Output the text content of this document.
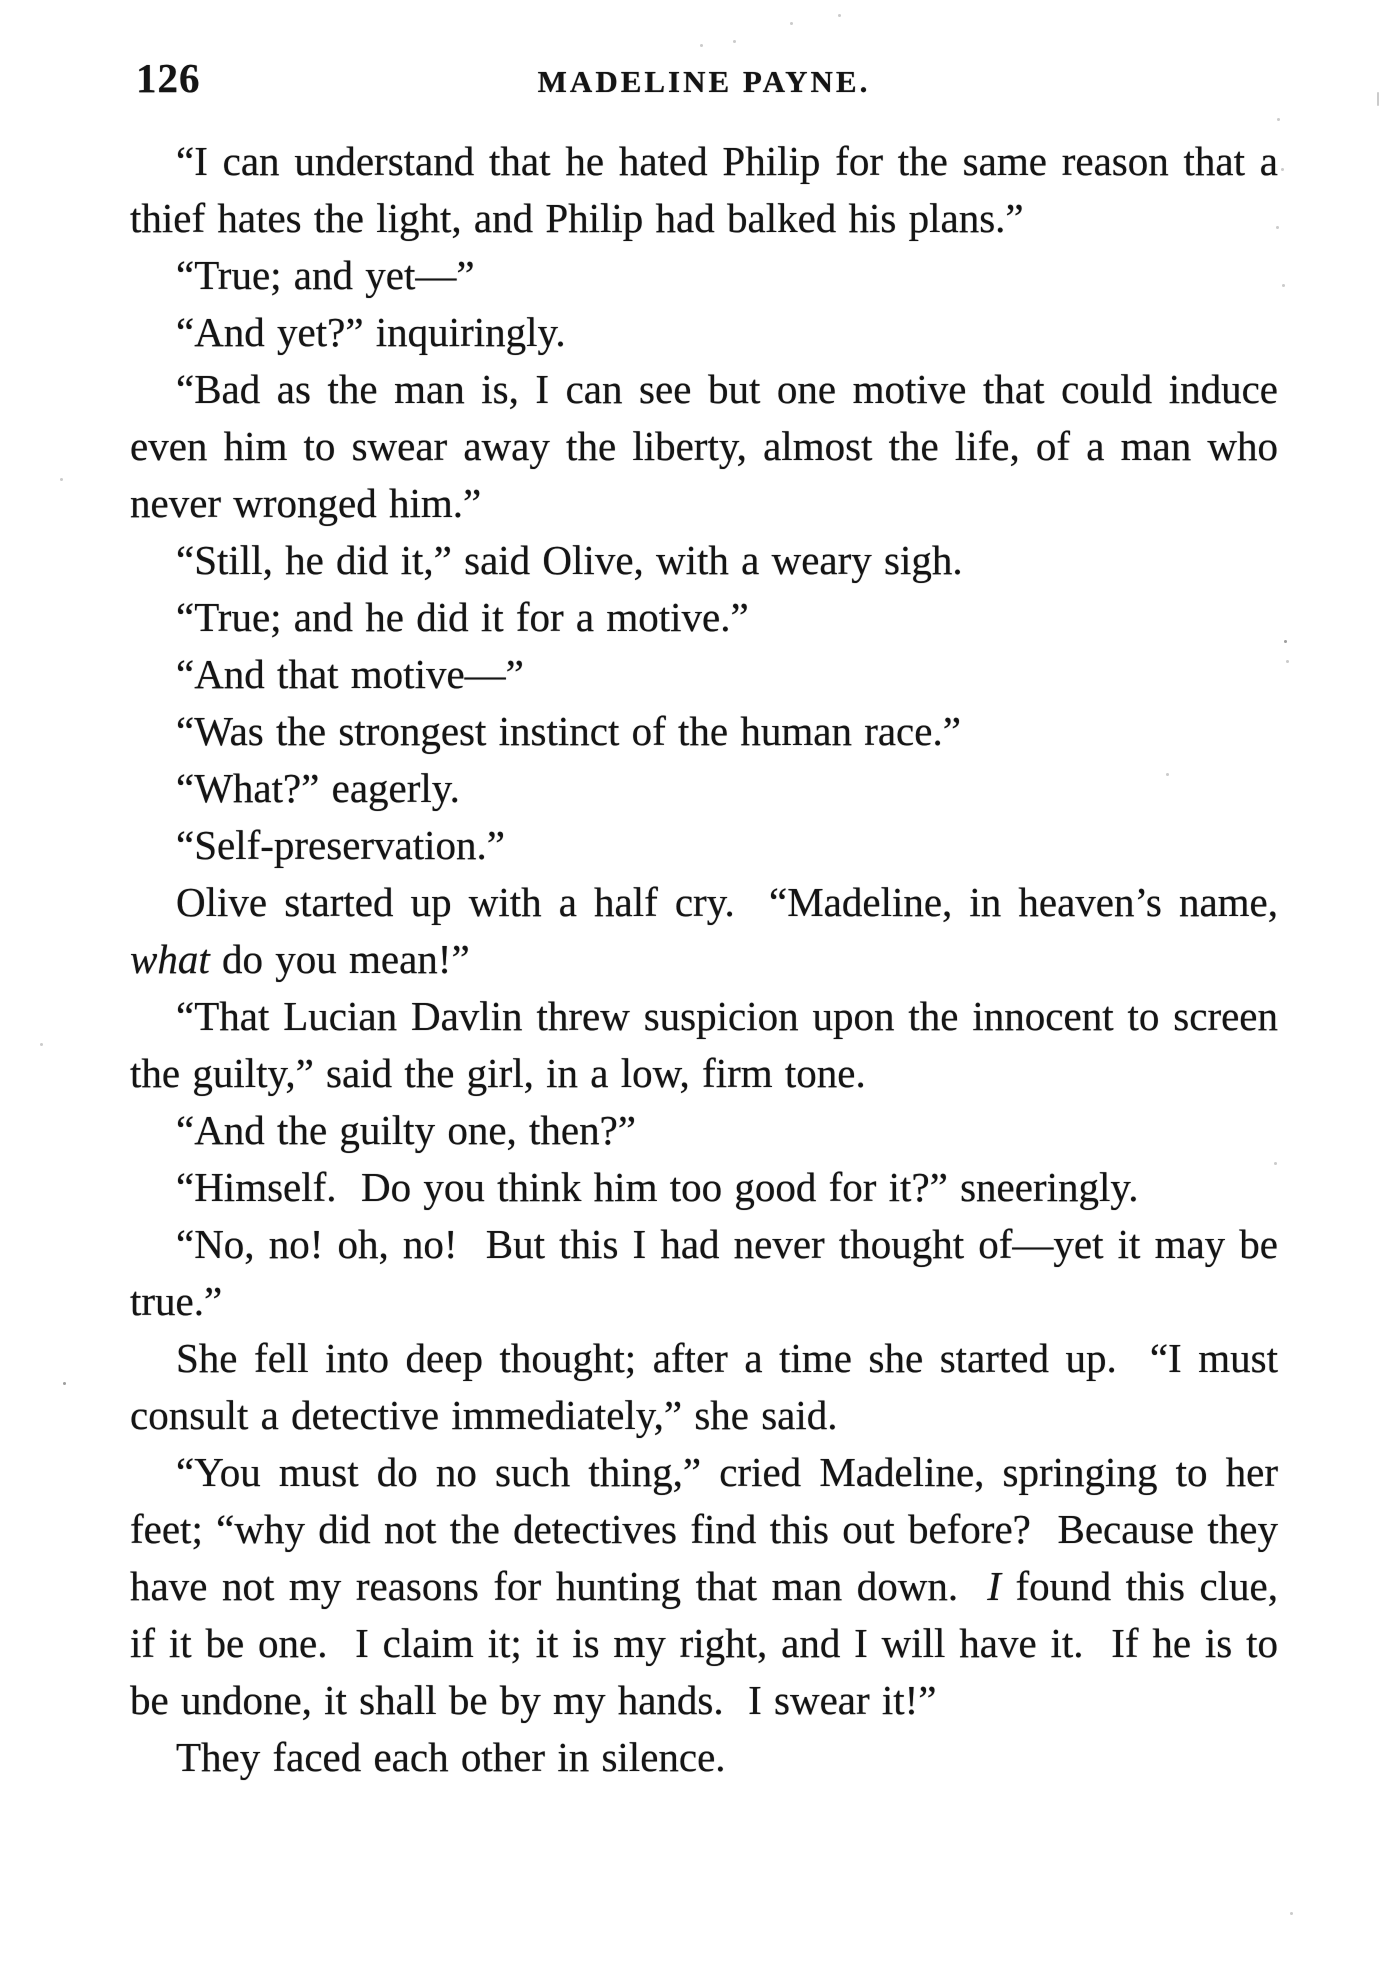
126	MADELINE PAYNE.

“I can understand that he hated Philip for the same reason that a thief hates the light, and Philip had balked his plans.”

“True; and yet—”

“And yet?” inquiringly.

“Bad as the man is, I can see but one motive that could induce even him to swear away the liberty, almost the life, of a man who never wronged him.”

“Still, he did it,” said Olive, with a weary sigh.

“True; and he did it for a motive.”

“And that motive—”

“Was the strongest instinct of the human race.”

“What?” eagerly.

“Self-preservation.”

Olive started up with a half cry.  “Madeline, in heaven’s name, what do you mean!”

“That Lucian Davlin threw suspicion upon the innocent to screen the guilty,” said the girl, in a low, firm tone.

“And the guilty one, then?”

“Himself.  Do you think him too good for it?” sneeringly.

“No, no! oh, no!  But this I had never thought of—yet it may be true.”

She fell into deep thought; after a time she started up.  “I must consult a detective immediately,” she said.

“You must do no such thing,” cried Madeline, springing to her feet; “why did not the detectives find this out before?  Because they have not my reasons for hunting that man down.  I found this clue, if it be one.  I claim it; it is my right, and I will have it.  If he is to be undone, it shall be by my hands.  I swear it!”

They faced each other in silence.
